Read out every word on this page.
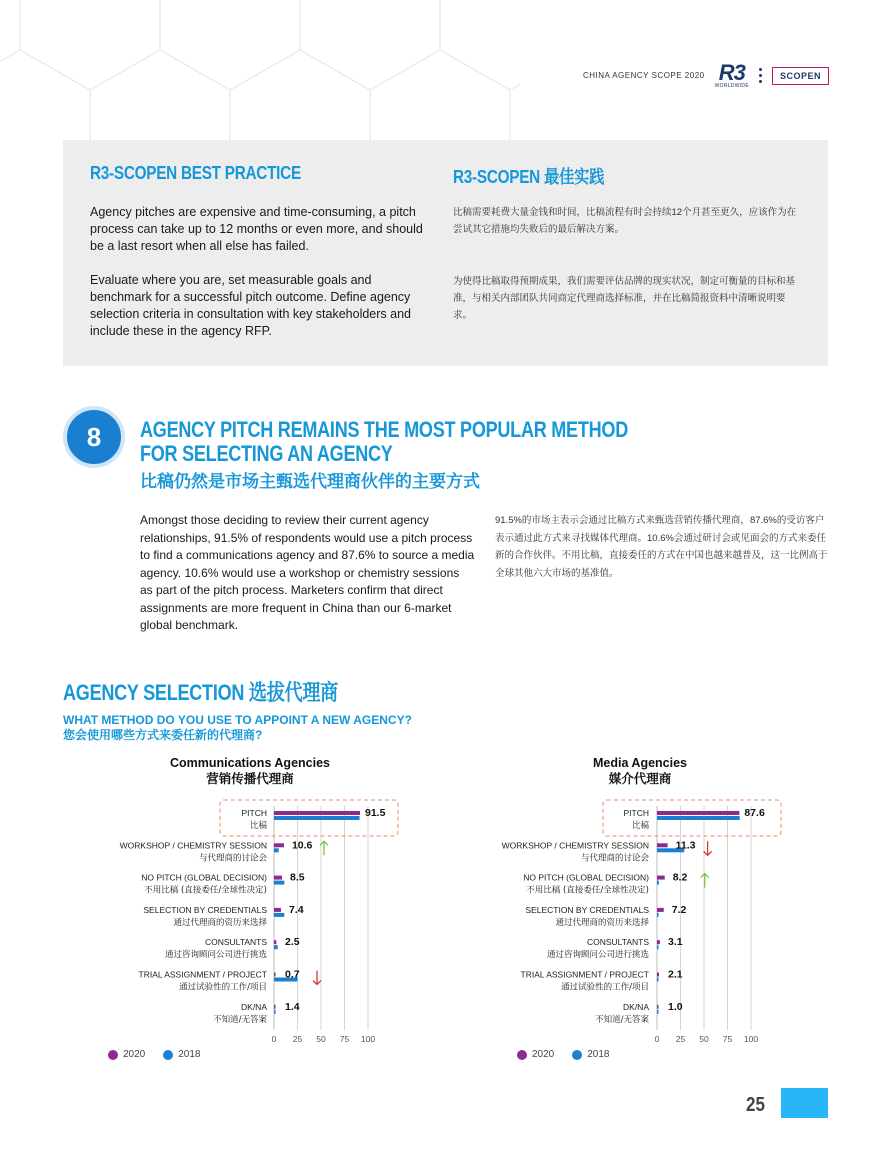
CHINA AGENCY SCOPE 2020 R3
WORLDWIDE
SCOPEN
R3-SCOPEN BEST PRACTICE	R3-SCOPEN 最佳实践
Agency pitches are expensive and time-consuming, a pitch process can take up to 12 months or even more, and should be a last resort when all else has failed.
Evaluate where you are, set measurable goals and benchmark for a successful pitch outcome. Define agency selection criteria in consultation with key stakeholders and include these in the agency RFP.
比稿需要耗费大量金钱和时间，比稿流程有时会持续12个月甚至更久，应该作为在尝试其它措施均失败后的最后解决方案。
为使得比稿取得预期成果，我们需要评估品牌的现实状况，制定可衡量的目标和基准，与相关内部团队共同商定代理商选择标准，并在比稿简报资料中清晰说明要求。
8	AGENCY PITCH REMAINS THE MOST POPULAR METHOD FOR SELECTING AN AGENCY
比稿仍然是市场主甄选代理商伙伴的主要方式
Amongst those deciding to review their current agency relationships, 91.5% of respondents would use a pitch process to find a communications agency and 87.6% to source a media agency. 10.6% would use a workshop or chemistry sessions as part of the pitch process. Marketers confirm that direct assignments are more frequent in China than our 6-market global benchmark.
91.5%的市场主表示会通过比稿方式来甄选营销传播代理商，87.6%的受访客户表示通过此方式来寻找媒体代理商。10.6%会通过研讨会或见面会的方式来委任新的合作伙伴。不用比稿，直接委任的方式在中国也越来越普及，这一比例高于全球其他六大市场的基准值。
AGENCY SELECTION 选拔代理商
WHAT METHOD DO YOU USE TO APPOINT A NEW AGENCY?
您会使用哪些方式来委任新的代理商?
Communications Agencies
营销传播代理商
0 25 50 75 100
PITCH
比稿
91.5
WORKSHOP / CHEMISTRY SESSION
与代理商的讨论会
10.6
NO PITCH (GLOBAL DECISION)
不用比稿 (直接委任/全球性决定)
8.5
SELECTION BY CREDENTIALS
通过代理商的资历来选择
7.4
CONSULTANTS
通过咨询顾问公司进行挑选
2.5
TRIAL ASSIGNMENT / PROJECT
通过试验性的工作/项目
0.7
DK/NA
不知道/无答案
1.4
Media Agencies
媒介代理商
0 25 50 75 100
PITCH
比稿
87.6
WORKSHOP / CHEMISTRY SESSION
与代理商的讨论会
11.3
NO PITCH (GLOBAL DECISION)
不用比稿 (直接委任/全球性决定)
8.2
SELECTION BY CREDENTIALS
通过代理商的资历来选择
7.2
CONSULTANTS
通过咨询顾问公司进行挑选
3.1
TRIAL ASSIGNMENT / PROJECT
通过试验性的工作/项目
2.1
DK/NA
不知道/无答案
1.0
2020	2018	2020	2018
25
